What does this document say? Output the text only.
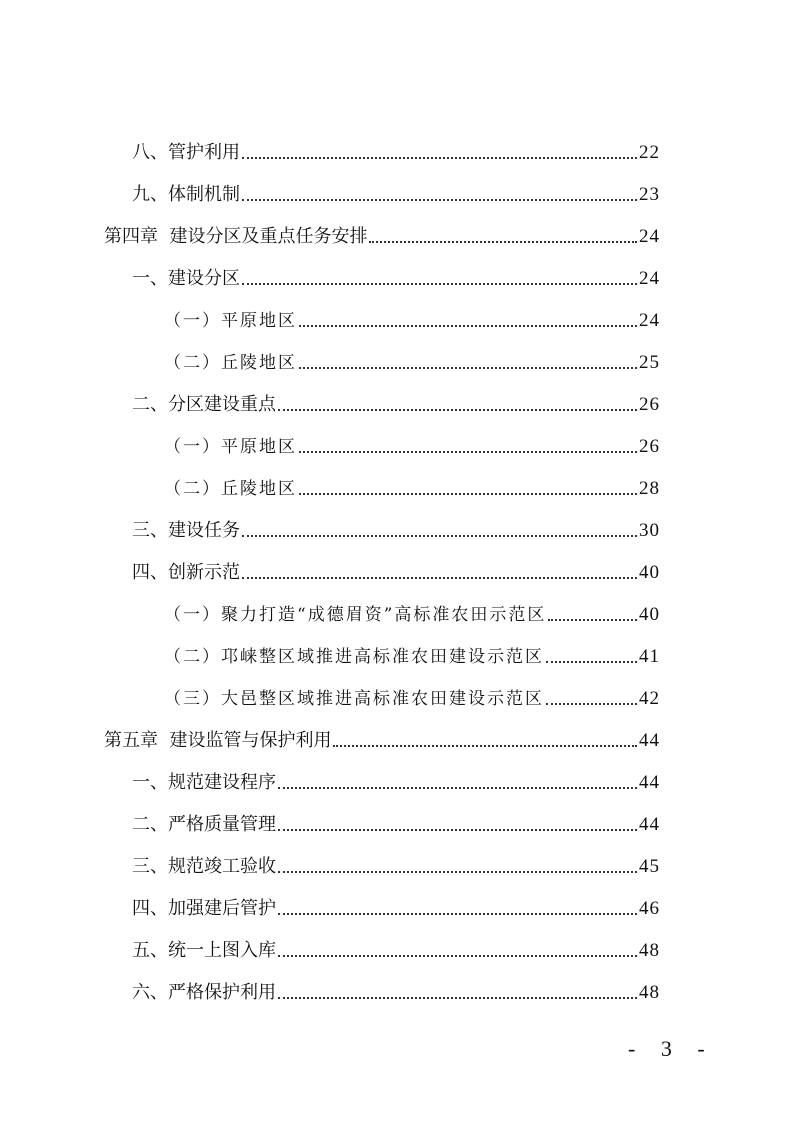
八、管护利用	22
九、体制机制	23
第四章  建设分区及重点任务安排	24
一、建设分区	24
（一）平原地区	24
（二）丘陵地区	25
二、分区建设重点	26
（一）平原地区	26
（二）丘陵地区	28
三、建设任务	30
四、创新示范	40
（一）聚力打造“成德眉资”高标准农田示范区	40
（二）邛崃整区域推进高标准农田建设示范区	41
（三）大邑整区域推进高标准农田建设示范区	42
第五章  建设监管与保护利用	44
一、规范建设程序	44
二、严格质量管理	44
三、规范竣工验收	45
四、加强建后管护	46
五、统一上图入库	48
六、严格保护利用	48
- 3 -
